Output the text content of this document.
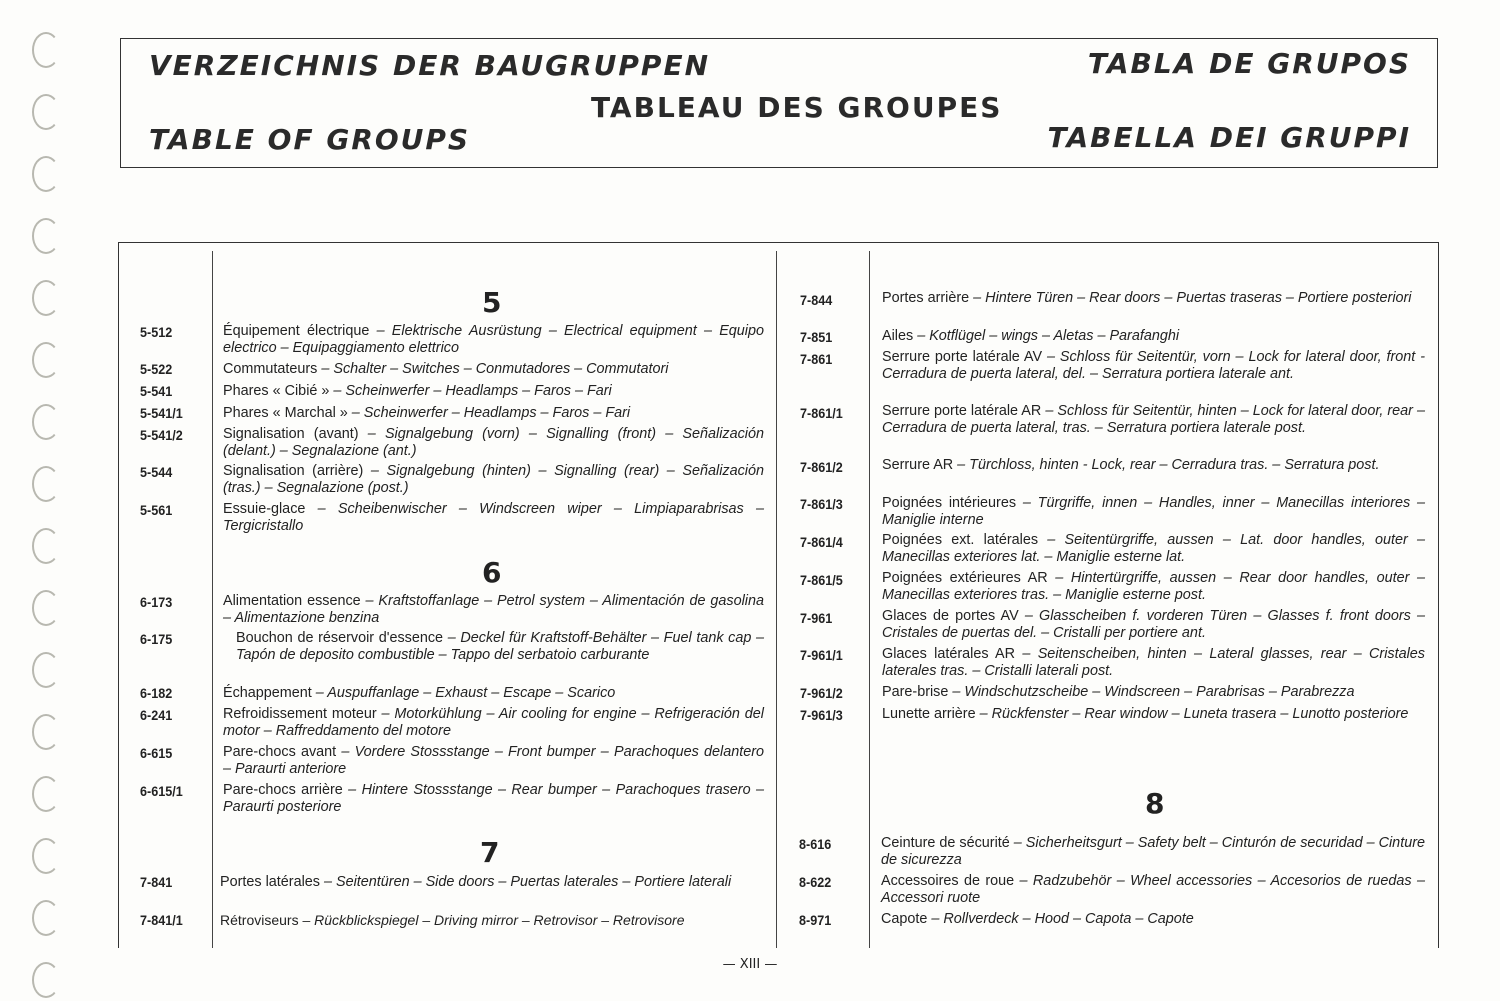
VERZEICHNIS DER BAUGRUPPEN	TABLA DE GRUPOS
TABLEAU DES GROUPES
TABLE OF GROUPS	TABELLA DEI GRUPPI
5
6
7
8
5-512	Équipement électrique – Elektrische Ausrüstung – Electrical equipment – Equipo electrico – Equipaggiamento elettrico
5-522	Commutateurs – Schalter – Switches – Conmutadores – Commutatori
5-541	Phares « Cibié » – Scheinwerfer – Headlamps – Faros – Fari
5-541/1	Phares « Marchal » – Scheinwerfer – Headlamps – Faros – Fari
5-541/2	Signalisation (avant) – Signalgebung (vorn) – Signalling (front) – Señalización (delant.) – Segnalazione (ant.)
5-544	Signalisation (arrière) – Signalgebung (hinten) – Signalling (rear) – Señalización (tras.) – Segnalazione (post.)
5-561	Essuie-glace – Scheibenwischer – Windscreen wiper – Limpiaparabrisas – Tergicristallo
6-173	Alimentation essence – Kraftstoffanlage – Petrol system – Alimentación de gasolina – Alimentazione benzina
6-175	Bouchon de réservoir d'essence – Deckel für Kraftstoff-Behälter – Fuel tank cap – Tapón de deposito combustible – Tappo del serbatoio carburante
6-182	Échappement – Auspuffanlage – Exhaust – Escape – Scarico
6-241	Refroidissement moteur – Motorkühlung – Air cooling for engine – Refrigeración del motor – Raffreddamento del motore
6-615	Pare-chocs avant – Vordere Stossstange – Front bumper – Parachoques delantero – Paraurti anteriore
6-615/1	Pare-chocs arrière – Hintere Stossstange – Rear bumper – Parachoques trasero – Paraurti posteriore
7-841	Portes latérales – Seitentüren – Side doors – Puertas laterales – Portiere laterali
7-841/1	Rétroviseurs – Rückblickspiegel – Driving mirror – Retrovisor – Retrovisore
7-844	Portes arrière – Hintere Türen – Rear doors – Puertas traseras – Portiere posteriori
7-851	Ailes – Kotflügel – wings – Aletas – Parafanghi
7-861	Serrure porte latérale AV – Schloss für Seitentür, vorn – Lock for lateral door, front -Cerradura de puerta lateral, del. – Serratura portiera laterale ant.
7-861/1	Serrure porte latérale AR – Schloss für Seitentür, hinten – Lock for lateral door, rear – Cerradura de puerta lateral, tras. – Serratura portiera laterale post.
7-861/2	Serrure AR – Türchloss, hinten - Lock, rear – Cerradura tras. – Serratura post.
7-861/3	Poignées intérieures – Türgriffe, innen – Handles, inner – Manecillas interiores – Maniglie interne
7-861/4	Poignées ext. latérales – Seitentürgriffe, aussen – Lat. door handles, outer – Manecillas exteriores lat. – Maniglie esterne lat.
7-861/5	Poignées extérieures AR – Hintertürgriffe, aussen – Rear door handles, outer – Manecillas exteriores tras. – Maniglie esterne post.
7-961	Glaces de portes AV – Glasscheiben f. vorderen Türen – Glasses f. front doors – Cristales de puertas del. – Cristalli per portiere ant.
7-961/1	Glaces latérales AR – Seitenscheiben, hinten – Lateral glasses, rear – Cristales laterales tras. – Cristalli laterali post.
7-961/2	Pare-brise – Windschutzscheibe – Windscreen – Parabrisas – Parabrezza
7-961/3	Lunette arrière – Rückfenster – Rear window – Luneta trasera – Lunotto posteriore
8-616	Ceinture de sécurité – Sicherheitsgurt – Safety belt – Cinturón de securidad – Cinture de sicurezza
8-622	Accessoires de roue – Radzubehör – Wheel accessories – Accesorios de ruedas – Accessori ruote
8-971	Capote – Rollverdeck – Hood – Capota – Capote
— XIII —
